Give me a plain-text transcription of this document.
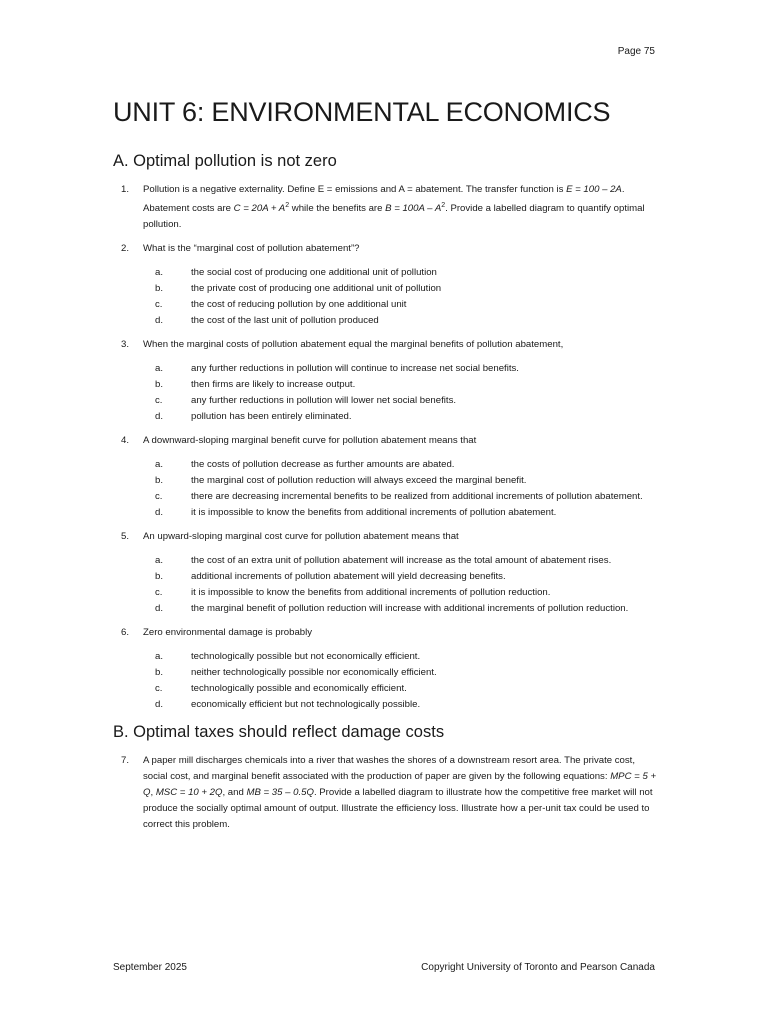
Page 75
UNIT 6: ENVIRONMENTAL ECONOMICS
A. Optimal pollution is not zero
1.	Pollution is a negative externality. Define E = emissions and A = abatement. The transfer function is E = 100 – 2A. Abatement costs are $C = 20A + A^2$ while the benefits are $B = 100A - A^2$. Provide a labelled diagram to quantify optimal pollution.
2.	What is the “marginal cost of pollution abatement”?
a.	the social cost of producing one additional unit of pollution
b.	the private cost of producing one additional unit of pollution
c.	the cost of reducing pollution by one additional unit
d.	the cost of the last unit of pollution produced
3.	When the marginal costs of pollution abatement equal the marginal benefits of pollution abatement,
a.	any further reductions in pollution will continue to increase net social benefits.
b.	then firms are likely to increase output.
c.	any further reductions in pollution will lower net social benefits.
d.	pollution has been entirely eliminated.
4.	A downward-sloping marginal benefit curve for pollution abatement means that
a.	the costs of pollution decrease as further amounts are abated.
b.	the marginal cost of pollution reduction will always exceed the marginal benefit.
c.	there are decreasing incremental benefits to be realized from additional increments of pollution abatement.
d.	it is impossible to know the benefits from additional increments of pollution abatement.
5.	An upward-sloping marginal cost curve for pollution abatement means that
a.	the cost of an extra unit of pollution abatement will increase as the total amount of abatement rises.
b.	additional increments of pollution abatement will yield decreasing benefits.
c.	it is impossible to know the benefits from additional increments of pollution reduction.
d.	the marginal benefit of pollution reduction will increase with additional increments of pollution reduction.
6.	Zero environmental damage is probably
a.	technologically possible but not economically efficient.
b.	neither technologically possible nor economically efficient.
c.	technologically possible and economically efficient.
d.	economically efficient but not technologically possible.
B. Optimal taxes should reflect damage costs
7.	A paper mill discharges chemicals into a river that washes the shores of a downstream resort area. The private cost, social cost, and marginal benefit associated with the production of paper are given by the following equations: MPC = 5 + Q, MSC = 10 + 2Q, and MB = 35 – 0.5Q. Provide a labelled diagram to illustrate how the competitive free market will not produce the socially optimal amount of output. Illustrate the efficiency loss. Illustrate how a per-unit tax could be used to correct this problem.
September 2025	Copyright University of Toronto and Pearson Canada
